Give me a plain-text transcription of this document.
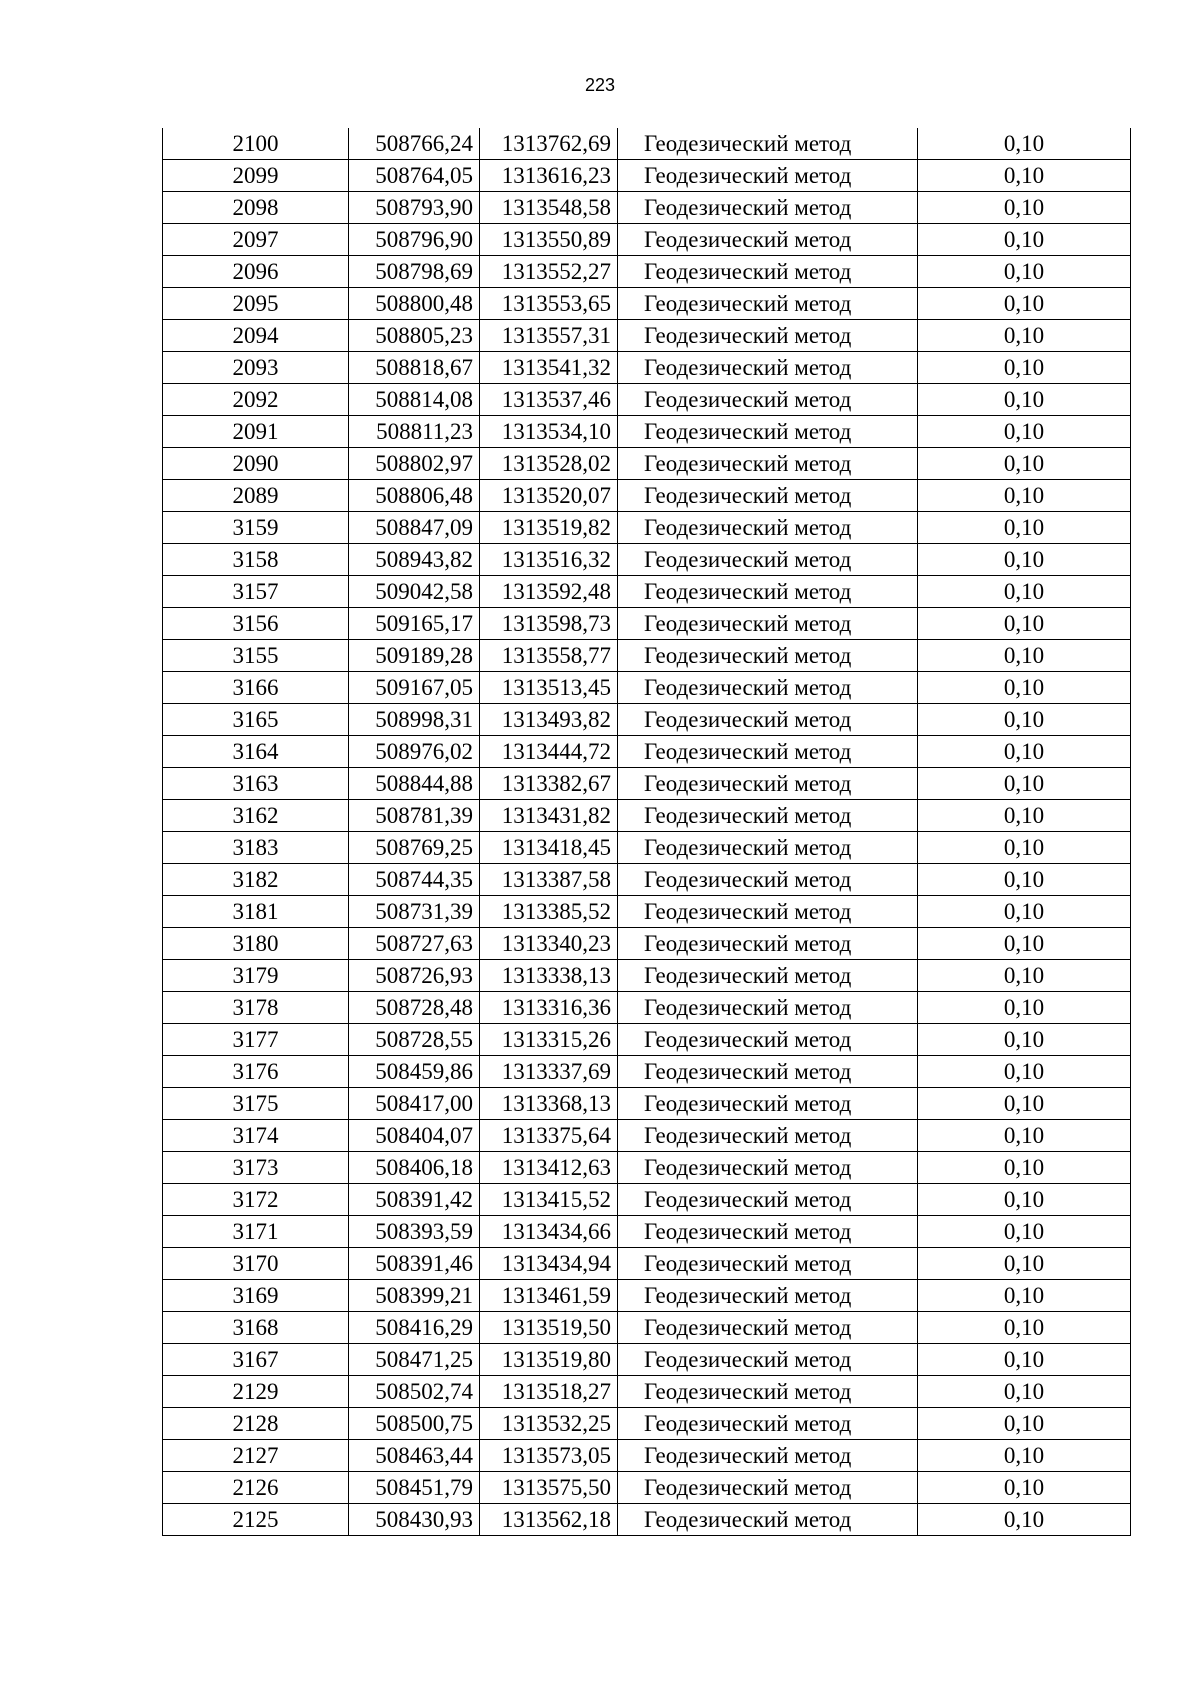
223
2100	508766,24	1313762,69	Геодезический метод	0,10
2099	508764,05	1313616,23	Геодезический метод	0,10
2098	508793,90	1313548,58	Геодезический метод	0,10
2097	508796,90	1313550,89	Геодезический метод	0,10
2096	508798,69	1313552,27	Геодезический метод	0,10
2095	508800,48	1313553,65	Геодезический метод	0,10
2094	508805,23	1313557,31	Геодезический метод	0,10
2093	508818,67	1313541,32	Геодезический метод	0,10
2092	508814,08	1313537,46	Геодезический метод	0,10
2091	508811,23	1313534,10	Геодезический метод	0,10
2090	508802,97	1313528,02	Геодезический метод	0,10
2089	508806,48	1313520,07	Геодезический метод	0,10
3159	508847,09	1313519,82	Геодезический метод	0,10
3158	508943,82	1313516,32	Геодезический метод	0,10
3157	509042,58	1313592,48	Геодезический метод	0,10
3156	509165,17	1313598,73	Геодезический метод	0,10
3155	509189,28	1313558,77	Геодезический метод	0,10
3166	509167,05	1313513,45	Геодезический метод	0,10
3165	508998,31	1313493,82	Геодезический метод	0,10
3164	508976,02	1313444,72	Геодезический метод	0,10
3163	508844,88	1313382,67	Геодезический метод	0,10
3162	508781,39	1313431,82	Геодезический метод	0,10
3183	508769,25	1313418,45	Геодезический метод	0,10
3182	508744,35	1313387,58	Геодезический метод	0,10
3181	508731,39	1313385,52	Геодезический метод	0,10
3180	508727,63	1313340,23	Геодезический метод	0,10
3179	508726,93	1313338,13	Геодезический метод	0,10
3178	508728,48	1313316,36	Геодезический метод	0,10
3177	508728,55	1313315,26	Геодезический метод	0,10
3176	508459,86	1313337,69	Геодезический метод	0,10
3175	508417,00	1313368,13	Геодезический метод	0,10
3174	508404,07	1313375,64	Геодезический метод	0,10
3173	508406,18	1313412,63	Геодезический метод	0,10
3172	508391,42	1313415,52	Геодезический метод	0,10
3171	508393,59	1313434,66	Геодезический метод	0,10
3170	508391,46	1313434,94	Геодезический метод	0,10
3169	508399,21	1313461,59	Геодезический метод	0,10
3168	508416,29	1313519,50	Геодезический метод	0,10
3167	508471,25	1313519,80	Геодезический метод	0,10
2129	508502,74	1313518,27	Геодезический метод	0,10
2128	508500,75	1313532,25	Геодезический метод	0,10
2127	508463,44	1313573,05	Геодезический метод	0,10
2126	508451,79	1313575,50	Геодезический метод	0,10
2125	508430,93	1313562,18	Геодезический метод	0,10
